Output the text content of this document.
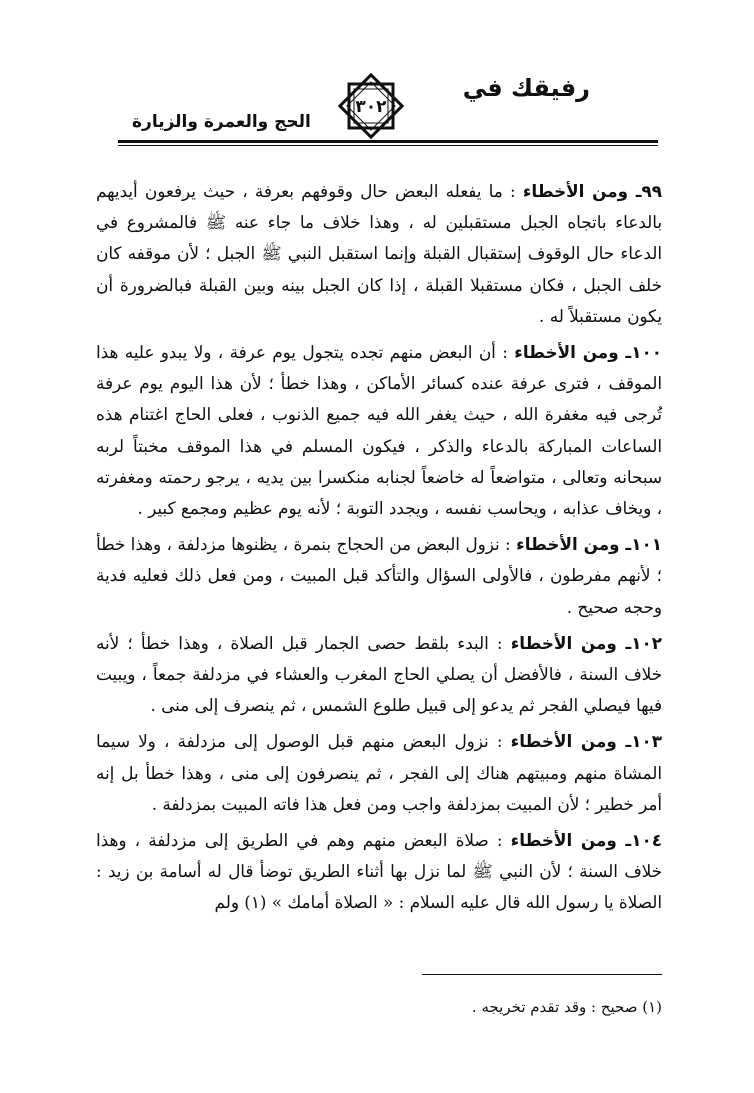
رفيقك في
٣٠٢
الحج والعمرة والزيارة

٩٩ـ ومن الأخطاء : ما يفعله البعض حال وقوفهم بعرفة ، حيث يرفعون أيديهم بالدعاء باتجاه الجبل مستقبلين له ، وهذا خلاف ما جاء عنه ﷺ فالمشروع في الدعاء حال الوقوف إستقبال القبلة وإنما استقبل النبي ﷺ الجبل ؛ لأن موقفه كان خلف الجبل ، فكان مستقبلا القبلة ، إذا كان الجبل بينه وبين القبلة فبالضرورة أن يكون مستقبلاً له .

١٠٠ـ ومن الأخطاء : أن البعض منهم تجده يتجول يوم عرفة ، ولا يبدو عليه هذا الموقف ، فترى عرفة عنده كسائر الأماكن ، وهذا خطأ ؛ لأن هذا اليوم يوم عرفة تُرجى فيه مغفرة الله ، حيث يغفر الله فيه جميع الذنوب ، فعلى الحاج اغتنام هذه الساعات المباركة بالدعاء والذكر ، فيكون المسلم في هذا الموقف مخبتاً لربه سبحانه وتعالى ، متواضعاً له خاضعاً لجنابه منكسرا بين يديه ، يرجو رحمته ومغفرته ، ويخاف عذابه ، ويحاسب نفسه ، ويجدد التوبة ؛ لأنه يوم عظيم ومجمع كبير .

١٠١ـ ومن الأخطاء : نزول البعض من الحجاج بنمرة ، يظنوها مزدلفة ، وهذا خطأ ؛ لأنهم مفرطون ، فالأولى السؤال والتأكد قبل المبيت ، ومن فعل ذلك فعليه فدية وحجه صحيح .

١٠٢ـ ومن الأخطاء : البدء بلقط حصى الجمار قبل الصلاة ، وهذا خطأ ؛ لأنه خلاف السنة ، فالأفضل أن يصلي الحاج المغرب والعشاء في مزدلفة جمعاً ، ويبيت فيها فيصلي الفجر ثم يدعو إلى قبيل طلوع الشمس ، ثم ينصرف إلى منى .

١٠٣ـ ومن الأخطاء : نزول البعض منهم قبل الوصول إلى مزدلفة ، ولا سيما المشاة منهم ومبيتهم هناك إلى الفجر ، ثم ينصرفون إلى منى ، وهذا خطأ بل إنه أمر خطير ؛ لأن المبيت بمزدلفة واجب ومن فعل هذا فاته المبيت بمزدلفة .

١٠٤ـ ومن الأخطاء : صلاة البعض منهم وهم في الطريق إلى مزدلفة ، وهذا خلاف السنة ؛ لأن النبي ﷺ لما نزل بها أثناء الطريق توضأ قال له أسامة بن زيد : الصلاة يا رسول الله قال عليه السلام : « الصلاة أمامك » (١) ولم

(١) صحيح : وقد تقدم تخريجه .
